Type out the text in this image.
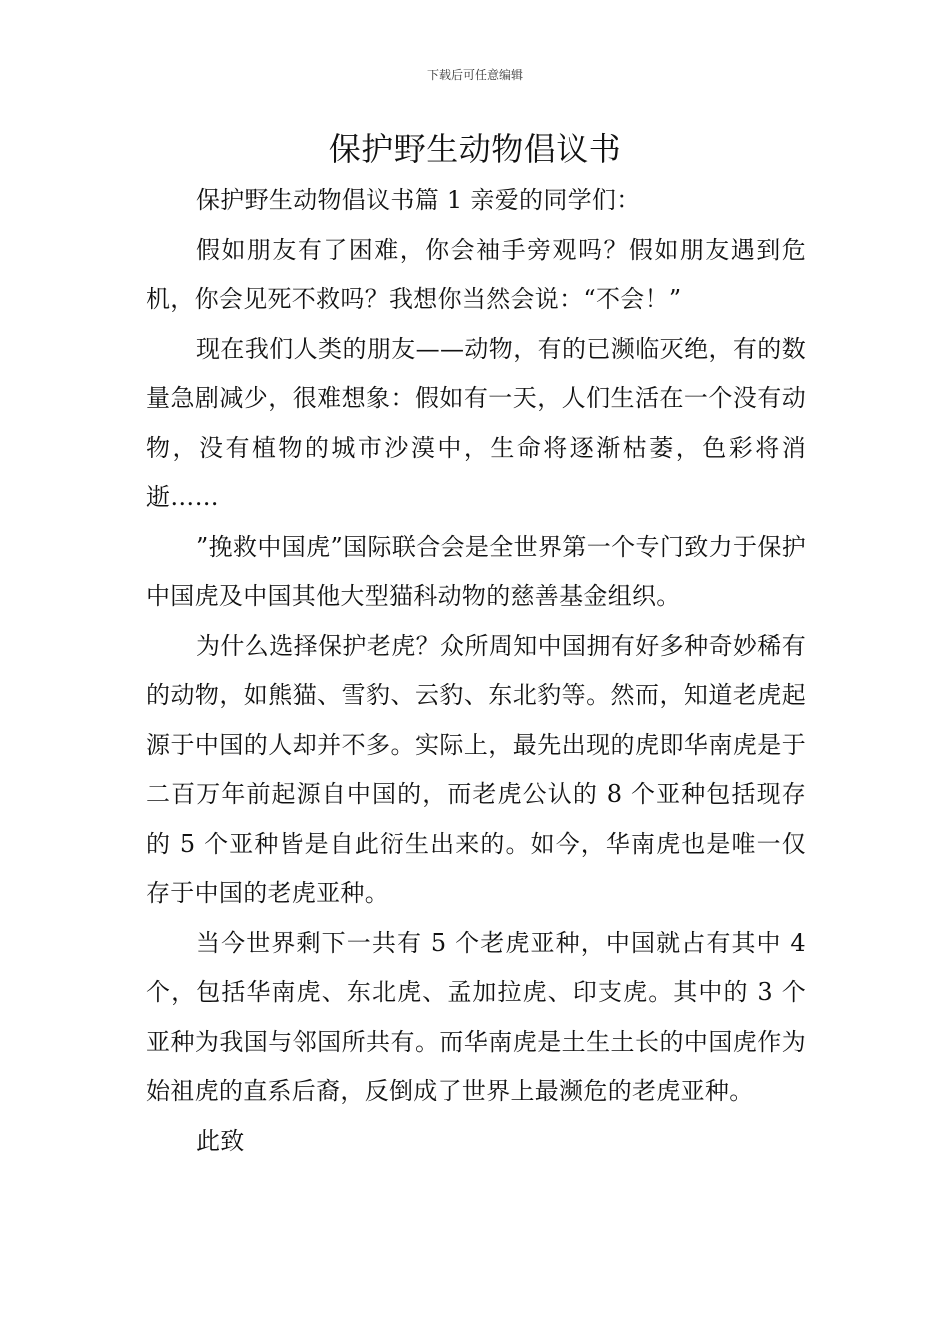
下载后可任意编辑
保护野生动物倡议书

保护野生动物倡议书篇 1 亲爱的同学们：

假如朋友有了困难，你会袖手旁观吗？假如朋友遇到危机，你会见死不救吗？我想你当然会说：“不会！”

现在我们人类的朋友——动物，有的已濒临灭绝，有的数量急剧减少，很难想象：假如有一天，人们生活在一个没有动物，没有植物的城市沙漠中，生命将逐渐枯萎，色彩将消逝……

”挽救中国虎”国际联合会是全世界第一个专门致力于保护中国虎及中国其他大型猫科动物的慈善基金组织。

为什么选择保护老虎？众所周知中国拥有好多种奇妙稀有的动物，如熊猫、雪豹、云豹、东北豹等。然而，知道老虎起源于中国的人却并不多。实际上，最先出现的虎即华南虎是于二百万年前起源自中国的，而老虎公认的 8 个亚种包括现存的 5 个亚种皆是自此衍生出来的。如今，华南虎也是唯一仅存于中国的老虎亚种。

当今世界剩下一共有 5 个老虎亚种，中国就占有其中 4 个，包括华南虎、东北虎、孟加拉虎、印支虎。其中的 3 个亚种为我国与邻国所共有。而华南虎是土生土长的中国虎作为始祖虎的直系后裔，反倒成了世界上最濒危的老虎亚种。

此致
